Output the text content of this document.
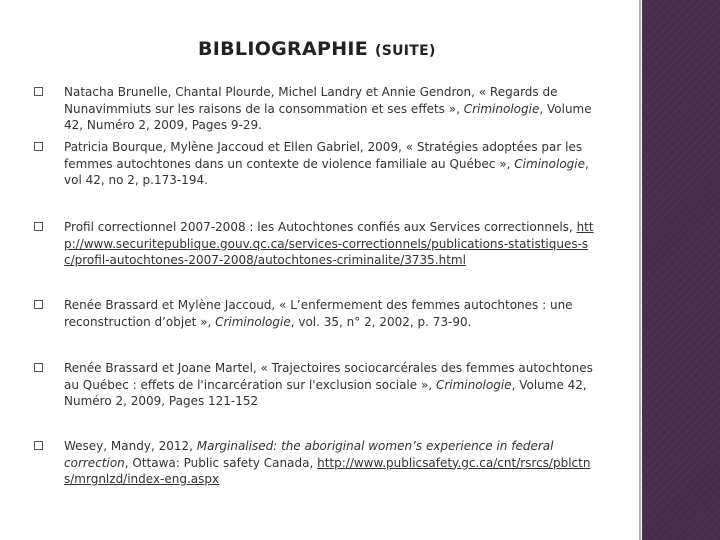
BIBLIOGRAPHIE (SUITE)
Natacha Brunelle, Chantal Plourde, Michel Landry et Annie Gendron, « Regards de Nunavimmiuts sur les raisons de la consommation et ses effets », Criminologie, Volume 42, Numéro 2, 2009, Pages 9-29.
Patricia Bourque, Mylène Jaccoud et Ellen Gabriel, 2009, « Stratégies adoptées par les femmes autochtones dans un contexte de violence familiale au Québec », Ciminologie, vol 42, no 2, p.173-194.
Profil correctionnel 2007-2008 : les Autochtones confiés aux Services correctionnels, http://www.securitepublique.gouv.qc.ca/services-correctionnels/publications-statistiques-sc/profil-autochtones-2007-2008/autochtones-criminalite/3735.html
Renée Brassard et Mylène Jaccoud, « L’enfermement des femmes autochtones : une reconstruction d’objet », Criminologie, vol. 35, n° 2, 2002, p. 73-90.
Renée Brassard et Joane Martel, « Trajectoires sociocarcérales des femmes autochtones au Québec : effets de l'incarcération sur l'exclusion sociale », Criminologie, Volume 42, Numéro 2, 2009, Pages 121-152
Wesey, Mandy, 2012, Marginalised: the aboriginal women’s experience in federal correction, Ottawa: Public safety Canada, http://www.publicsafety.gc.ca/cnt/rsrcs/pblctns/mrgnlzd/index-eng.aspx
